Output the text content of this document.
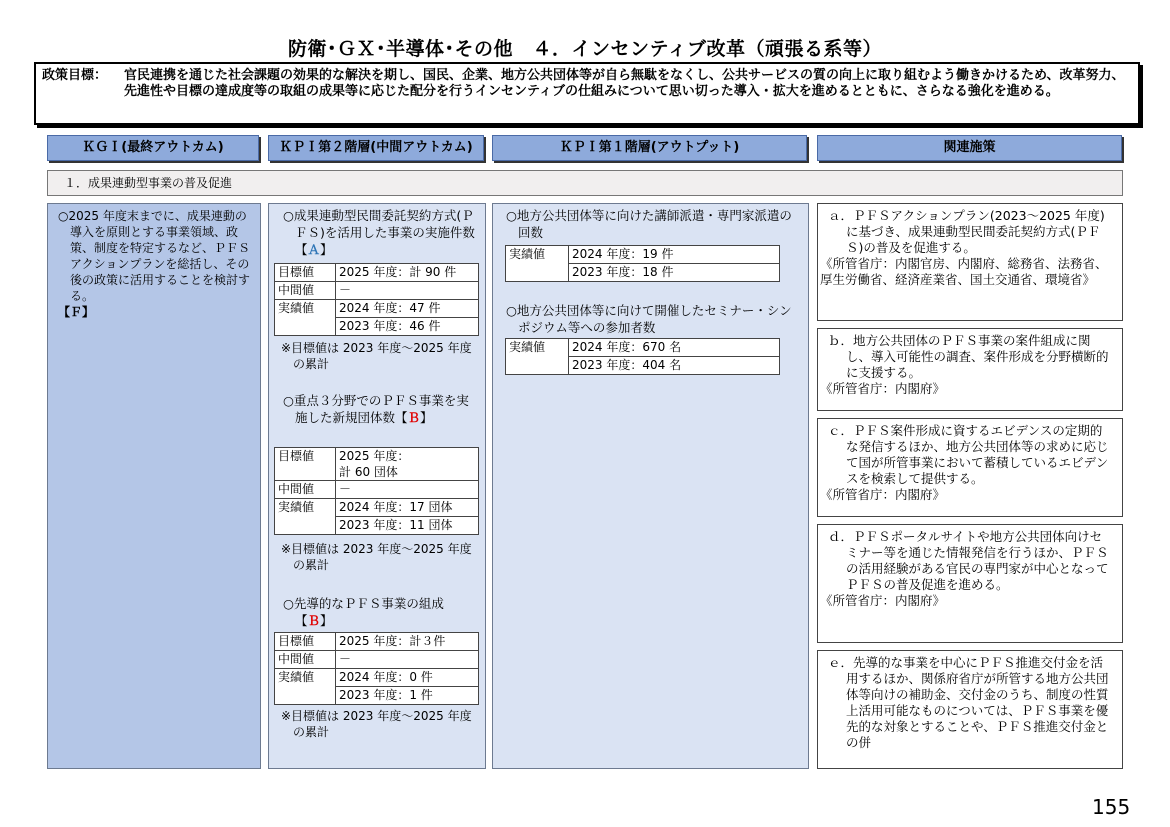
防衛･ＧＸ･半導体･その他　４．インセンティブ改革（頑張る系等）
政策目標： 官民連携を通じた社会課題の効果的な解決を期し、国民、企業、地方公共団体等が自ら無駄をなくし、公共サービスの質の向上に取り組むよう働きかけるため、改革努力、先進性や目標の達成度等の取組の成果等に応じた配分を行うインセンティブの仕組みについて思い切った導入・拡大を進めるとともに、さらなる強化を進める。
ＫＧＩ(最終アウトカム)	ＫＰＩ第２階層(中間アウトカム)	ＫＰＩ第１階層(アウトプット)	関連施策
１．成果連動型事業の普及促進
○2025 年度末までに、成果連動の導入を原則とする事業領域、政策、制度を特定するなど、ＰＦＳアクションプランを総括し、その後の政策に活用することを検討する。
【Ｆ】
○成果連動型民間委託契約方式(ＰＦＳ)を活用した事業の実施件数【Ａ】
目標値	2025 年度：計 90 件
中間値	－
実績値	2024 年度：47 件
	2023 年度：46 件
※目標値は 2023 年度～2025 年度の累計
○重点３分野でのＰＦＳ事業を実施した新規団体数【Ｂ】
目標値	2025 年度：
計 60 団体

中間値	－
実績値	2024 年度：17 団体
	2023 年度：11 団体
※目標値は 2023 年度～2025 年度の累計
○先導的なＰＦＳ事業の組成【Ｂ】
目標値	2025 年度：計３件
中間値	－
実績値	2024 年度：0 件
	2023 年度：1 件
※目標値は 2023 年度～2025 年度の累計
○地方公共団体等に向けた講師派遣・専門家派遣の回数
実績値	2024 年度：19 件
2023 年度：18 件
○地方公共団体等に向けて開催したセミナー・シンポジウム等への参加者数
実績値	2024 年度：670 名
2023 年度：404 名
ａ．ＰＦＳアクションプラン(2023～2025 年度)に基づき、成果連動型民間委託契約方式(ＰＦＳ)の普及を促進する。
《所管省庁：内閣官房、内閣府、総務省、法務省、厚生労働省、経済産業省、国土交通省、環境省》
ｂ．地方公共団体のＰＦＳ事業の案件組成に関し、導入可能性の調査、案件形成を分野横断的に支援する。
《所管省庁：内閣府》
ｃ．ＰＦＳ案件形成に資するエビデンスの定期的な発信するほか、地方公共団体等の求めに応じて国が所管事業において蓄積しているエビデンスを検索して提供する。
《所管省庁：内閣府》
ｄ．ＰＦＳポータルサイトや地方公共団体向けセミナー等を通じた情報発信を行うほか、ＰＦＳの活用経験がある官民の専門家が中心となってＰＦＳの普及促進を進める。
《所管省庁：内閣府》
ｅ．先導的な事業を中心にＰＦＳ推進交付金を活用するほか、関係府省庁が所管する地方公共団体等向けの補助金、交付金のうち、制度の性質上活用可能なものについては、ＰＦＳ事業を優先的な対象とすることや、ＰＦＳ推進交付金との併
155
